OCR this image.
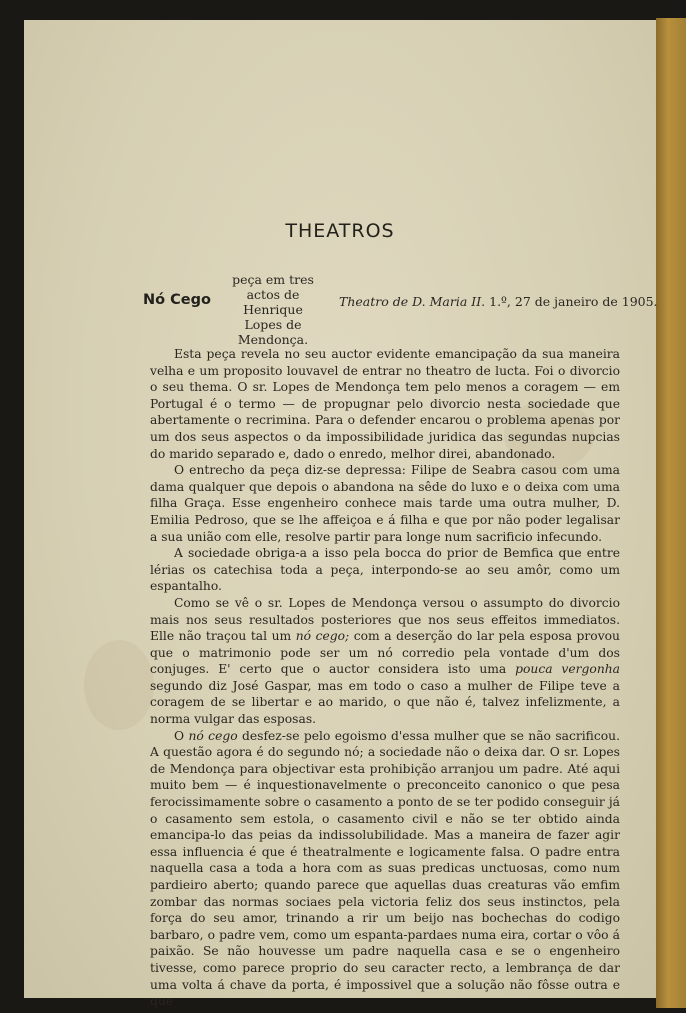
THEATROS
Nó Cego
peça em tres actos de Henrique Lopes de Mendonça.
Theatro de D. Maria II. 1.º, 27 de janeiro de 1905.

Esta peça revela no seu auctor evidente emancipação da sua maneira velha e um proposito louvavel de entrar no theatro de lucta. Foi o divorcio o seu thema. O sr. Lopes de Mendonça tem pelo menos a coragem — em Portugal é o termo — de propugnar pelo divorcio nesta sociedade que abertamente o recrimina. Para o defender encarou o problema apenas por um dos seus aspectos o da impossibilidade juridica das segundas nupcias do marido separado e, dado o enredo, melhor direi, abandonado.

O entrecho da peça diz-se depressa: Filipe de Seabra casou com uma dama qualquer que depois o abandona na sêde do luxo e o deixa com uma filha Graça. Esse engenheiro conhece mais tarde uma outra mulher, D. Emilia Pedroso, que se lhe affeiçoa e á filha e que por não poder legalisar a sua união com elle, resolve partir para longe num sacrificio infecundo.

A sociedade obriga-a a isso pela bocca do prior de Bemfica que entre lérias os catechisa toda a peça, interpondo-se ao seu amôr, como um espantalho.

Como se vê o sr. Lopes de Mendonça versou o assumpto do divorcio mais nos seus resultados posteriores que nos seus effeitos immediatos. Elle não traçou tal um nó cego; com a deserção do lar pela esposa provou que o matrimonio pode ser um nó corredio pela vontade d'um dos conjuges. E' certo que o auctor considera isto uma pouca vergonha segundo diz José Gaspar, mas em todo o caso a mulher de Filipe teve a coragem de se libertar e ao marido, o que não é, talvez infelizmente, a norma vulgar das esposas.

O nó cego desfez-se pelo egoismo d'essa mulher que se não sacrificou. A questão agora é do segundo nó; a sociedade não o deixa dar. O sr. Lopes de Mendonça para objectivar esta prohibição arranjou um padre. Até aqui muito bem — é inquestionavelmente o preconceito canonico o que pesa ferocissimamente sobre o casamento a ponto de se ter podido conseguir já o casamento sem estola, o casamento civil e não se ter obtido ainda emancipa-lo das peias da indissolubilidade. Mas a maneira de fazer agir essa influencia é que é theatralmente e logicamente falsa. O padre entra naquella casa a toda a hora com as suas predicas unctuosas, como num pardieiro aberto; quando parece que aquellas duas creaturas vão emfim zombar das normas sociaes pela victoria feliz dos seus instinctos, pela força do seu amor, trinando a rir um beijo nas bochechas do codigo barbaro, o padre vem, como um espanta-pardaes numa eira, cortar o vôo á paixão. Se não houvesse um padre naquella casa e se o engenheiro tivesse, como parece proprio do seu caracter recto, a lembrança de dar uma volta á chave da porta, é impossivel que a solução não fôsse outra e que
